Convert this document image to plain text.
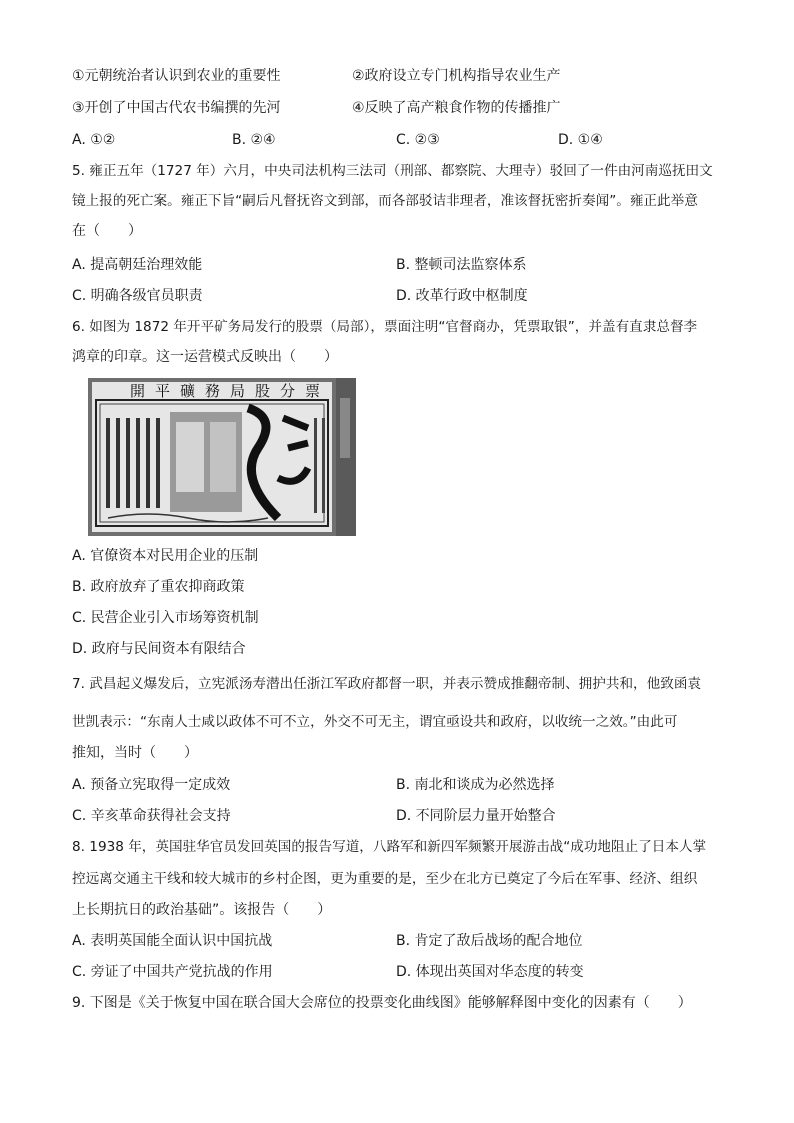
①元朝统治者认识到农业的重要性	②政府设立专门机构指导农业生产
③开创了中国古代农书编撰的先河	④反映了高产粮食作物的传播推广
A. ①②	B. ②④	C. ②③	D. ①④
5. 雍正五年（1727 年）六月，中央司法机构三法司（刑部、都察院、大理寺）驳回了一件由河南巡抚田文
镜上报的死亡案。雍正下旨“嗣后凡督抚咨文到部，而各部驳诘非理者，准该督抚密折奏闻”。雍正此举意
在（　　）
A. 提高朝廷治理效能	B. 整顿司法监察体系
C. 明确各级官员职责	D. 改革行政中枢制度
6. 如图为 1872 年开平矿务局发行的股票（局部），票面注明“官督商办，凭票取银”，并盖有直隶总督李
鸿章的印章。这一运营模式反映出（　　）
開平礦務局股分票
A. 官僚资本对民用企业的压制
B. 政府放弃了重农抑商政策
C. 民营企业引入市场筹资机制
D. 政府与民间资本有限结合
7. 武昌起义爆发后，立宪派汤寿潜出任浙江军政府都督一职，并表示赞成推翻帝制、拥护共和，他致函袁
世凯表示：“东南人士咸以政体不可不立，外交不可无主，谓宜亟设共和政府，以收统一之效。”由此可
推知，当时（　　）
A. 预备立宪取得一定成效	B. 南北和谈成为必然选择
C. 辛亥革命获得社会支持	D. 不同阶层力量开始整合
8. 1938 年，英国驻华官员发回英国的报告写道，八路军和新四军频繁开展游击战“成功地阻止了日本人掌
控远离交通主干线和较大城市的乡村企图，更为重要的是，至少在北方已奠定了今后在军事、经济、组织
上长期抗日的政治基础”。该报告（　　）
A. 表明英国能全面认识中国抗战	B. 肯定了敌后战场的配合地位
C. 旁证了中国共产党抗战的作用	D. 体现出英国对华态度的转变
9. 下图是《关于恢复中国在联合国大会席位的投票变化曲线图》能够解释图中变化的因素有（　　）
